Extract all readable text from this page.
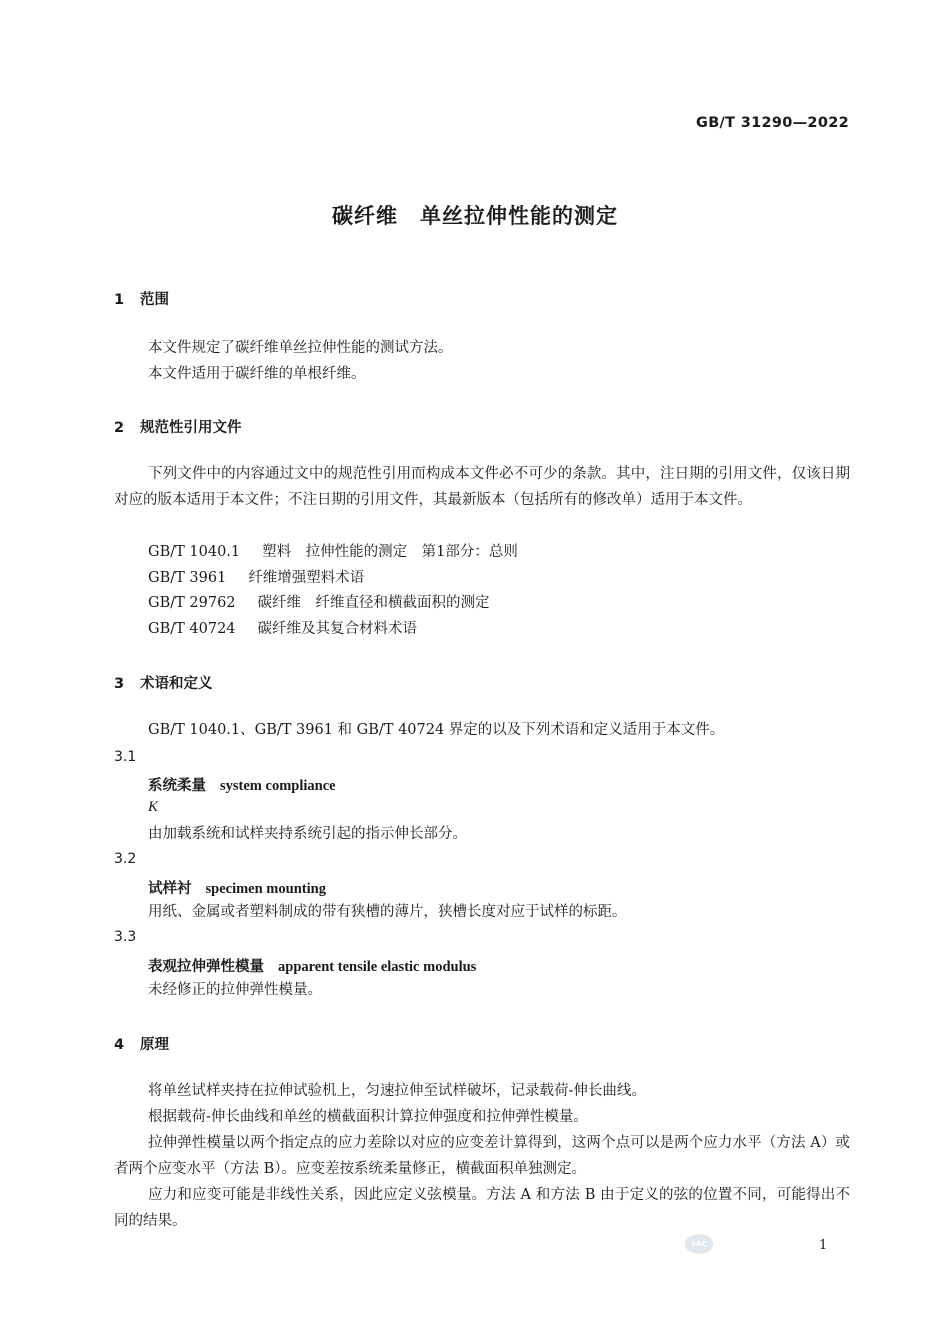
GB/T 31290—2022
碳纤维　单丝拉伸性能的测定
1 范围
本文件规定了碳纤维单丝拉伸性能的测试方法。
本文件适用于碳纤维的单根纤维。
2 规范性引用文件
下列文件中的内容通过文中的规范性引用而构成本文件必不可少的条款。其中，注日期的引用文件，仅该日期对应的版本适用于本文件；不注日期的引用文件，其最新版本（包括所有的修改单）适用于本文件。
GB/T 1040.1 塑料　拉伸性能的测定　第1部分：总则
GB/T 3961 纤维增强塑料术语
GB/T 29762 碳纤维　纤维直径和横截面积的测定
GB/T 40724 碳纤维及其复合材料术语
3 术语和定义
GB/T 1040.1、GB/T 3961 和 GB/T 40724 界定的以及下列术语和定义适用于本文件。
3.1
系统柔量 system compliance
K
由加载系统和试样夹持系统引起的指示伸长部分。
3.2
试样衬 specimen mounting
用纸、金属或者塑料制成的带有狭槽的薄片，狭槽长度对应于试样的标距。
3.3
表观拉伸弹性模量 apparent tensile elastic modulus
未经修正的拉伸弹性模量。
4 原理
将单丝试样夹持在拉伸试验机上，匀速拉伸至试样破坏，记录载荷-伸长曲线。
根据载荷-伸长曲线和单丝的横截面积计算拉伸强度和拉伸弹性模量。
拉伸弹性模量以两个指定点的应力差除以对应的应变差计算得到，这两个点可以是两个应力水平（方法 A）或者两个应变水平（方法 B）。应变差按系统柔量修正，横截面积单独测定。
应力和应变可能是非线性关系，因此应定义弦模量。方法 A 和方法 B 由于定义的弦的位置不同，可能得出不同的结果。
SAC	1
